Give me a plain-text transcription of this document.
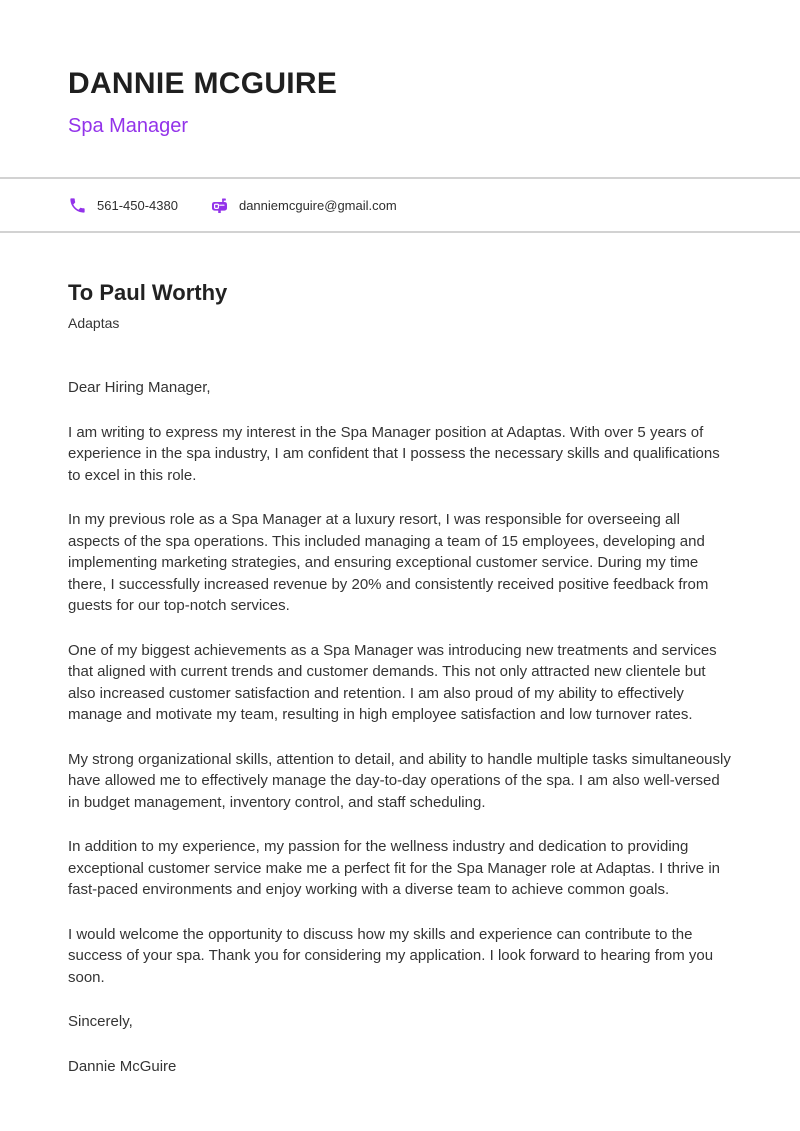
DANNIE MCGUIRE
Spa Manager
561-450-4380	danniemcguire@gmail.com
To Paul Worthy
Adaptas

Dear Hiring Manager,

I am writing to express my interest in the Spa Manager position at Adaptas. With over 5 years of experience in the spa industry, I am confident that I possess the necessary skills and qualifications to excel in this role.

In my previous role as a Spa Manager at a luxury resort, I was responsible for overseeing all aspects of the spa operations. This included managing a team of 15 employees, developing and implementing marketing strategies, and ensuring exceptional customer service. During my time there, I successfully increased revenue by 20% and consistently received positive feedback from guests for our top-notch services.

One of my biggest achievements as a Spa Manager was introducing new treatments and services that aligned with current trends and customer demands. This not only attracted new clientele but also increased customer satisfaction and retention. I am also proud of my ability to effectively manage and motivate my team, resulting in high employee satisfaction and low turnover rates.

My strong organizational skills, attention to detail, and ability to handle multiple tasks simultaneously have allowed me to effectively manage the day-to-day operations of the spa. I am also well-versed in budget management, inventory control, and staff scheduling.

In addition to my experience, my passion for the wellness industry and dedication to providing exceptional customer service make me a perfect fit for the Spa Manager role at Adaptas. I thrive in fast-paced environments and enjoy working with a diverse team to achieve common goals.

I would welcome the opportunity to discuss how my skills and experience can contribute to the success of your spa. Thank you for considering my application. I look forward to hearing from you soon.

Sincerely,

Dannie McGuire
